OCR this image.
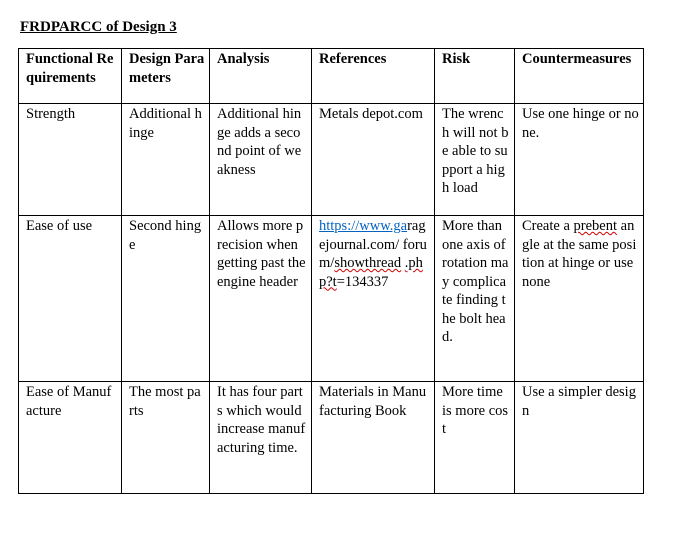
FRDPARCC of Design 3
Functional Requirements	Design Parameters	Analysis	References	Risk	Countermeasures
Strength	Additional hinge	Additional hinge adds a second point of weakness	Metals depot.com	The wrench will not be able to support a high load	Use one hinge or none.
Ease of use	Second hinge	Allows more precision when getting past the engine header	https://www.garagejournal.com/ forum/showthread .php?t=134337	More than one axis of rotation may complicate finding the bolt head.	Create a prebent angle at the same position at hinge or use none
Ease of Manufacture	The most parts	It has four parts which would increase manufacturing time.	Materials in Manufacturing Book	More time is more cost	Use a simpler design
